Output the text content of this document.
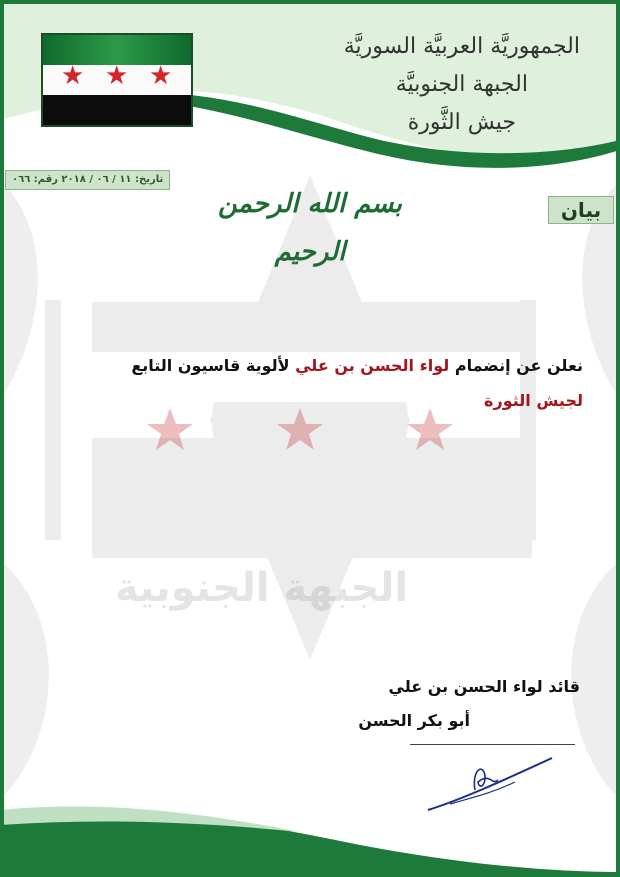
★ ★ ★
الجمهوريَّة العربيَّة السوريَّة
الجبهة الجنوبيَّة
جيش الثَّورة
تاريخ: ١١ / ٠٦ / ٢٠١٨ رقم: ٠٦٦
بسم الله الرحمن الرحيم
بيان
نعلن عن إنضمام لواء الحسن بن علي لألوية قاسيون التابع
لجيش الثورة
الجبهة الجنوبية
قائد لواء الحسن بن علي
أبو بكر الحسن
